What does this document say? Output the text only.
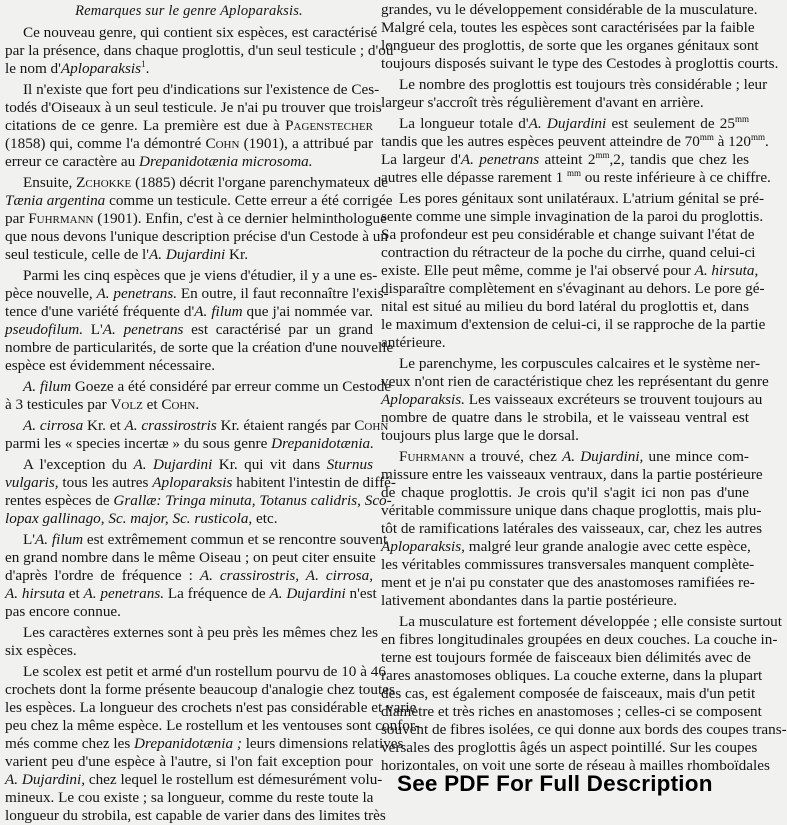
Remarques sur le genre Aploparaksis.
Ce nouveau genre, qui contient six espèces, est caractérisé
par la présence, dans chaque proglottis, d'un seul testicule ; d'où
le nom d'Aploparaksis$^1$.
Il n'existe que fort peu d'indications sur l'existence de Ces-
todés d'Oiseaux à un seul testicule. Je n'ai pu trouver que trois
citations de ce genre. La première est due à Pagenstecher
(1858) qui, comme l'a démontré Cohn (1901), a attribué par
erreur ce caractère au Drepanidotænia microsoma.
Ensuite, Zchokke (1885) décrit l'organe parenchymateux de
Tænia argentina comme un testicule. Cette erreur a été corrigée
par Fuhrmann (1901). Enfin, c'est à ce dernier helminthologue
que nous devons l'unique description précise d'un Cestode à un
seul testicule, celle de l'A. Dujardini Kr.
Parmi les cinq espèces que je viens d'étudier, il y a une es-
pèce nouvelle, A. penetrans. En outre, il faut reconnaître l'exis-
tence d'une variété fréquente d'A. filum que j'ai nommée var.
pseudofilum. L'A. penetrans est caractérisé par un grand
nombre de particularités, de sorte que la création d'une nouvelle
espèce est évidemment nécessaire.
A. filum Goeze a été considéré par erreur comme un Cestode
à 3 testicules par Volz et Cohn.
A. cirrosa Kr. et A. crassirostris Kr. étaient rangés par Cohn
parmi les « species incertæ » du sous genre Drepanidotænia.
A l'exception du A. Dujardini Kr. qui vit dans Sturnus
vulgaris, tous les autres Aploparaksis habitent l'intestin de diffé-
rentes espèces de Grallæ: Tringa minuta, Totanus calidris, Sco-
lopax gallinago, Sc. major, Sc. rusticola, etc.
L'A. filum est extrêmement commun et se rencontre souvent
en grand nombre dans le même Oiseau ; on peut citer ensuite
d'après l'ordre de fréquence : A. crassirostris, A. cirrosa,
A. hirsuta et A. penetrans. La fréquence de A. Dujardini n'est
pas encore connue.
Les caractères externes sont à peu près les mêmes chez les
six espèces.
Le scolex est petit et armé d'un rostellum pourvu de 10 à 46
crochets dont la forme présente beaucoup d'analogie chez toutes
les espèces. La longueur des crochets n'est pas considérable et varie
peu chez la même espèce. Le rostellum et les ventouses sont confor-
més comme chez les Drepanidotænia ; leurs dimensions relatives
varient peu d'une espèce à l'autre, si l'on fait exception pour
A. Dujardini, chez lequel le rostellum est démesurément volu-
mineux. Le cou existe ; sa longueur, comme du reste toute la
longueur du strobila, est capable de varier dans des limites très
grandes, vu le développement considérable de la musculature.
Malgré cela, toutes les espèces sont caractérisées par la faible
longueur des proglottis, de sorte que les organes génitaux sont
toujours disposés suivant le type des Cestodes à proglottis courts.
Le nombre des proglottis est toujours très considérable ; leur
largeur s'accroît très régulièrement d'avant en arrière.
La longueur totale d'A. Dujardini est seulement de $25^{mm}$
tandis que les autres espèces peuvent atteindre de $70^{mm}$ à $120^{mm}$.
La largeur d'A. penetrans atteint $2^{mm},2$, tandis que chez les
autres elle dépasse rarement 1 $^{mm}$ ou reste inférieure à ce chiffre.
Les pores génitaux sont unilatéraux. L'atrium génital se pré-
sente comme une simple invagination de la paroi du proglottis.
Sa profondeur est peu considérable et change suivant l'état de
contraction du rétracteur de la poche du cirrhe, quand celui-ci
existe. Elle peut même, comme je l'ai observé pour A. hirsuta,
disparaître complètement en s'évaginant au dehors. Le pore gé-
nital est situé au milieu du bord latéral du proglottis et, dans
le maximum d'extension de celui-ci, il se rapproche de la partie
antérieure.
Le parenchyme, les corpuscules calcaires et le système ner-
veux n'ont rien de caractéristique chez les représentant du genre
Aploparaksis. Les vaisseaux excréteurs se trouvent toujours au
nombre de quatre dans le strobila, et le vaisseau ventral est
toujours plus large que le dorsal.
Fuhrmann a trouvé, chez A. Dujardini, une mince com-
missure entre les vaisseaux ventraux, dans la partie postérieure
de chaque proglottis. Je crois qu'il s'agit ici non pas d'une
véritable commissure unique dans chaque proglottis, mais plu-
tôt de ramifications latérales des vaisseaux, car, chez les autres
Aploparaksis, malgré leur grande analogie avec cette espèce,
les véritables commissures transversales manquent complète-
ment et je n'ai pu constater que des anastomoses ramifiées re-
lativement abondantes dans la partie postérieure.
La musculature est fortement développée ; elle consiste surtout
en fibres longitudinales groupées en deux couches. La couche in-
terne est toujours formée de faisceaux bien délimités avec de
rares anastomoses obliques. La couche externe, dans la plupart
des cas, est également composée de faisceaux, mais d'un petit
diamètre et très riches en anastomoses ; celles-ci se composent
souvent de fibres isolées, ce qui donne aux bords des coupes trans-
versales des proglottis âgés un aspect pointillé. Sur les coupes
horizontales, on voit une sorte de réseau à mailles rhomboïdales
See PDF For Full Description
